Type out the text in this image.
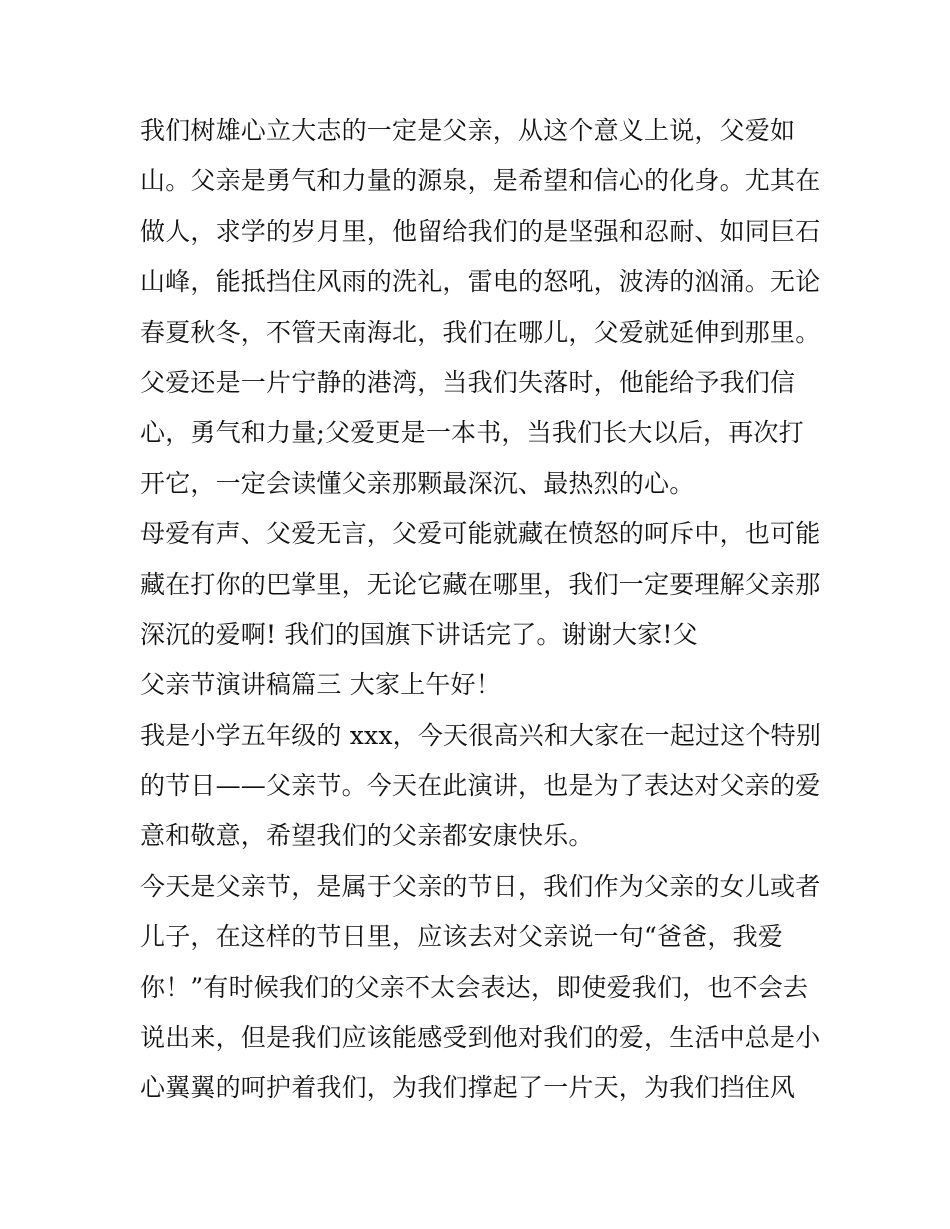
我们树雄心立大志的一定是父亲，从这个意义上说，父爱如
山。父亲是勇气和力量的源泉，是希望和信心的化身。尤其在
做人，求学的岁月里，他留给我们的是坚强和忍耐、如同巨石
山峰，能抵挡住风雨的洗礼，雷电的怒吼，波涛的汹涌。无论
春夏秋冬，不管天南海北，我们在哪儿，父爱就延伸到那里。
父爱还是一片宁静的港湾，当我们失落时，他能给予我们信
心，勇气和力量;父爱更是一本书，当我们长大以后，再次打
开它，一定会读懂父亲那颗最深沉、最热烈的心。
母爱有声、父爱无言，父爱可能就藏在愤怒的呵斥中，也可能
藏在打你的巴掌里，无论它藏在哪里，我们一定要理解父亲那
深沉的爱啊! 我们的国旗下讲话完了。谢谢大家!父
父亲节演讲稿篇三 大家上午好！
我是小学五年级的 xxx，今天很高兴和大家在一起过这个特别
的节日——父亲节。今天在此演讲，也是为了表达对父亲的爱
意和敬意，希望我们的父亲都安康快乐。
今天是父亲节，是属于父亲的节日，我们作为父亲的女儿或者
儿子，在这样的节日里，应该去对父亲说一句“爸爸，我爱
你！”有时候我们的父亲不太会表达，即使爱我们，也不会去
说出来，但是我们应该能感受到他对我们的爱，生活中总是小
心翼翼的呵护着我们，为我们撑起了一片天，为我们挡住风
